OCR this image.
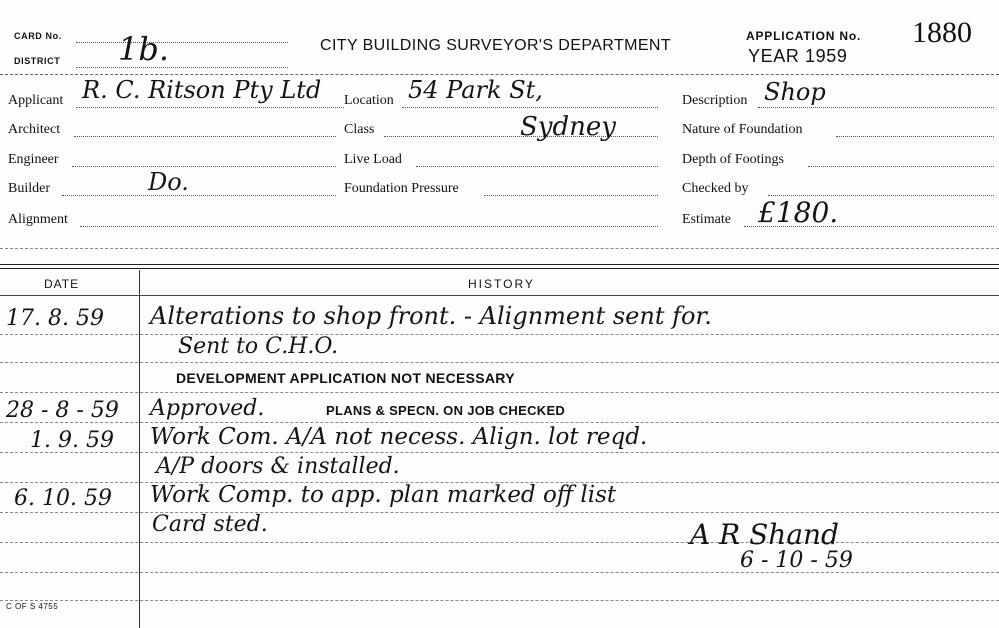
CARD No.
DISTRICT 1b.	CITY BUILDING SURVEYOR'S DEPARTMENT
APPLICATION No. 1880
YEAR 1959
Applicant R. C. Ritson Pty Ltd Location 54 Park St,	Description Shop
Architect	Class	Sydney	Nature of Foundation
Engineer	Live Load	Depth of Footings
Builder	Do.	Foundation Pressure	Checked by
Alignment	Estimate £180.
DATE	HISTORY
17. 8. 59 Alterations to shop front. - Alignment sent for.
Sent to C.H.O.
DEVELOPMENT APPLICATION NOT NECESSARY
28 - 8 - 59 Approved.	PLANS & SPECN. ON JOB CHECKED
1. 9. 59 Work Com. A/A not necess. Align. lot reqd.
A/P doors & installed.
6. 10. 59 Work Comp. to app. plan marked off list
Card sted.	A R Shand
6 - 10 - 59
C OF S 4755
